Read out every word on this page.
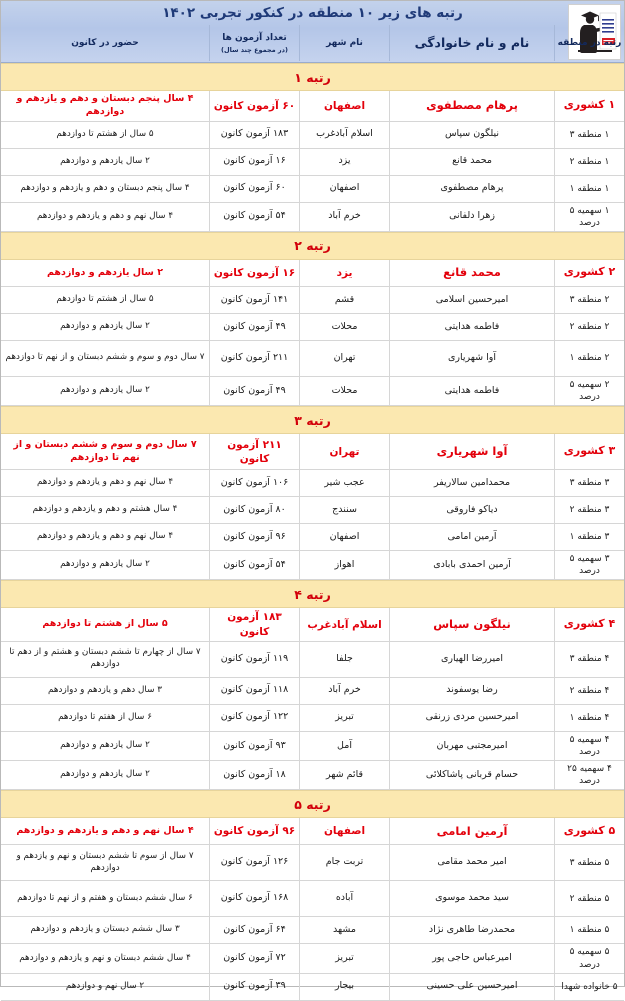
رتبه های زیر ۱۰ منطقه در کنکور تجربی ۱۴۰۲
رتبه در منطقه
نام و نام خانوادگی
نام شهر
تعداد آزمون ها
(در مجموع چند سال)
حضور در کانون
رتبه ۱
۱ کشوری
پرهام مصطفوی
اصفهان
۶۰ آزمون کانون
۴ سال پنجم دبستان و دهم و یازدهم و دوازدهم
۱ منطقه ۳
نیلگون سپاس
اسلام آبادغرب
۱۸۳ آزمون کانون
۵ سال از هشتم تا دوازدهم
۱ منطقه ۲
محمد قانع
یزد
۱۶ آزمون کانون
۲ سال یازدهم و دوازدهم
۱ منطقه ۱
پرهام مصطفوی
اصفهان
۶۰ آزمون کانون
۴ سال پنجم دبستان و دهم و یازدهم و دوازدهم
۱ سهمیه ۵ درصد
زهرا دلفانی
خرم آباد
۵۴ آزمون کانون
۴ سال نهم و دهم و یازدهم و دوازدهم
رتبه ۲
۲ کشوری
محمد قانع
یزد
۱۶ آزمون کانون
۲ سال یازدهم و دوازدهم
۲ منطقه ۳
امیرحسین اسلامی
قشم
۱۴۱ آزمون کانون
۵ سال از هشتم تا دوازدهم
۲ منطقه ۲
فاطمه هدایتی
محلات
۴۹ آزمون کانون
۲ سال یازدهم و دوازدهم
۲ منطقه ۱
آوا شهریاری
تهران
۲۱۱ آزمون کانون
۷ سال دوم و سوم و ششم دبستان و از نهم تا دوازدهم
۲ سهمیه ۵ درصد
فاطمه هدایتی
محلات
۴۹ آزمون کانون
۲ سال یازدهم و دوازدهم
رتبه ۳
۳ کشوری
آوا شهریاری
تهران
۲۱۱ آزمون کانون
۷ سال دوم و سوم و ششم دبستان و از نهم تا دوازدهم
۳ منطقه ۳
محمدامین سالاریفر
عجب شیر
۱۰۶ آزمون کانون
۴ سال نهم و دهم و یازدهم و دوازدهم
۳ منطقه ۲
دیاکو فاروقی
سنندج
۸۰ آزمون کانون
۴ سال هشتم و دهم و یازدهم و دوازدهم
۳ منطقه ۱
آرمین امامی
اصفهان
۹۶ آزمون کانون
۴ سال نهم و دهم و یازدهم و دوازدهم
۳ سهمیه ۵ درصد
آرمین احمدی بابادی
اهواز
۵۴ آزمون کانون
۲ سال یازدهم و دوازدهم
رتبه ۴
۴ کشوری
نیلگون سپاس
اسلام آبادغرب
۱۸۳ آزمون کانون
۵ سال از هشتم تا دوازدهم
۴ منطقه ۳
امیررضا الهیاری
جلفا
۱۱۹ آزمون کانون
۷ سال از چهارم تا ششم دبستان و هشتم و از دهم تا دوازدهم
۴ منطقه ۲
رضا یوسفوند
خرم آباد
۱۱۸ آزمون کانون
۳ سال دهم و یازدهم و دوازدهم
۴ منطقه ۱
امیرحسین مردی زرنقی
تبریز
۱۲۲ آزمون کانون
۶ سال از هفتم تا دوازدهم
۴ سهمیه ۵ درصد
امیرمجتبی مهربان
آمل
۹۳ آزمون کانون
۲ سال یازدهم و دوازدهم
۴ سهمیه ۲۵ درصد
حسام قربانی پاشاکلائی
قائم شهر
۱۸ آزمون کانون
۲ سال یازدهم و دوازدهم
رتبه ۵
۵ کشوری
آرمین امامی
اصفهان
۹۶ آزمون کانون
۴ سال نهم و دهم و یازدهم و دوازدهم
۵ منطقه ۳
امیر محمد مقامی
تربت جام
۱۲۶ آزمون کانون
۷ سال از سوم تا ششم دبستان و نهم و یازدهم و دوازدهم
۵ منطقه ۲
سید محمد موسوی
آباده
۱۶۸ آزمون کانون
۶ سال ششم دبستان و هفتم و از نهم تا دوازدهم
۵ منطقه ۱
محمدرضا طاهری نژاد
مشهد
۶۴ آزمون کانون
۳ سال ششم دبستان و یازدهم و دوازدهم
۵ سهمیه ۵ درصد
امیرعباس حاجی پور
تبریز
۷۲ آزمون کانون
۴ سال ششم دبستان و نهم و یازدهم و دوازدهم
۵ خانواده شهدا
امیرحسین علی حسینی
بیجار
۳۹ آزمون کانون
۲ سال نهم و دوازدهم
